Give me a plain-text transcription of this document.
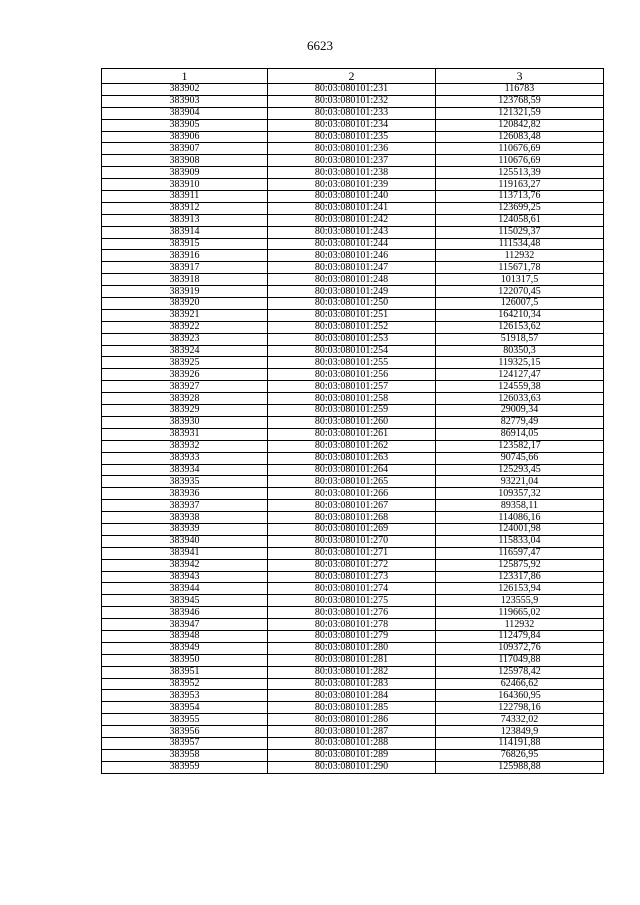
6623
1	2	3
383902	80:03:080101:231	116783
383903	80:03:080101:232	123768,59
383904	80:03:080101:233	121321,59
383905	80:03:080101:234	120842,82
383906	80:03:080101:235	126083,48
383907	80:03:080101:236	110676,69
383908	80:03:080101:237	110676,69
383909	80:03:080101:238	125513,39
383910	80:03:080101:239	119163,27
383911	80:03:080101:240	113713,76
383912	80:03:080101:241	123699,25
383913	80:03:080101:242	124058,61
383914	80:03:080101:243	115029,37
383915	80:03:080101:244	111534,48
383916	80:03:080101:246	112932
383917	80:03:080101:247	115671,78
383918	80:03:080101:248	101317,5
383919	80:03:080101:249	122070,45
383920	80:03:080101:250	126007,5
383921	80:03:080101:251	164210,34
383922	80:03:080101:252	126153,62
383923	80:03:080101:253	51918,57
383924	80:03:080101:254	80350,3
383925	80:03:080101:255	119325,15
383926	80:03:080101:256	124127,47
383927	80:03:080101:257	124559,38
383928	80:03:080101:258	126033,63
383929	80:03:080101:259	29009,34
383930	80:03:080101:260	82779,49
383931	80:03:080101:261	86914,05
383932	80:03:080101:262	123582,17
383933	80:03:080101:263	90745,66
383934	80:03:080101:264	125293,45
383935	80:03:080101:265	93221,04
383936	80:03:080101:266	109357,32
383937	80:03:080101:267	89358,11
383938	80:03:080101:268	114086,16
383939	80:03:080101:269	124001,98
383940	80:03:080101:270	115833,04
383941	80:03:080101:271	116597,47
383942	80:03:080101:272	125875,92
383943	80:03:080101:273	123317,86
383944	80:03:080101:274	126153,94
383945	80:03:080101:275	123555,9
383946	80:03:080101:276	119665,02
383947	80:03:080101:278	112932
383948	80:03:080101:279	112479,84
383949	80:03:080101:280	109372,76
383950	80:03:080101:281	117049,88
383951	80:03:080101:282	125978,42
383952	80:03:080101:283	62466,62
383953	80:03:080101:284	164360,95
383954	80:03:080101:285	122798,16
383955	80:03:080101:286	74332,02
383956	80:03:080101:287	123849,9
383957	80:03:080101:288	114191,88
383958	80:03:080101:289	76826,95
383959	80:03:080101:290	125988,88
